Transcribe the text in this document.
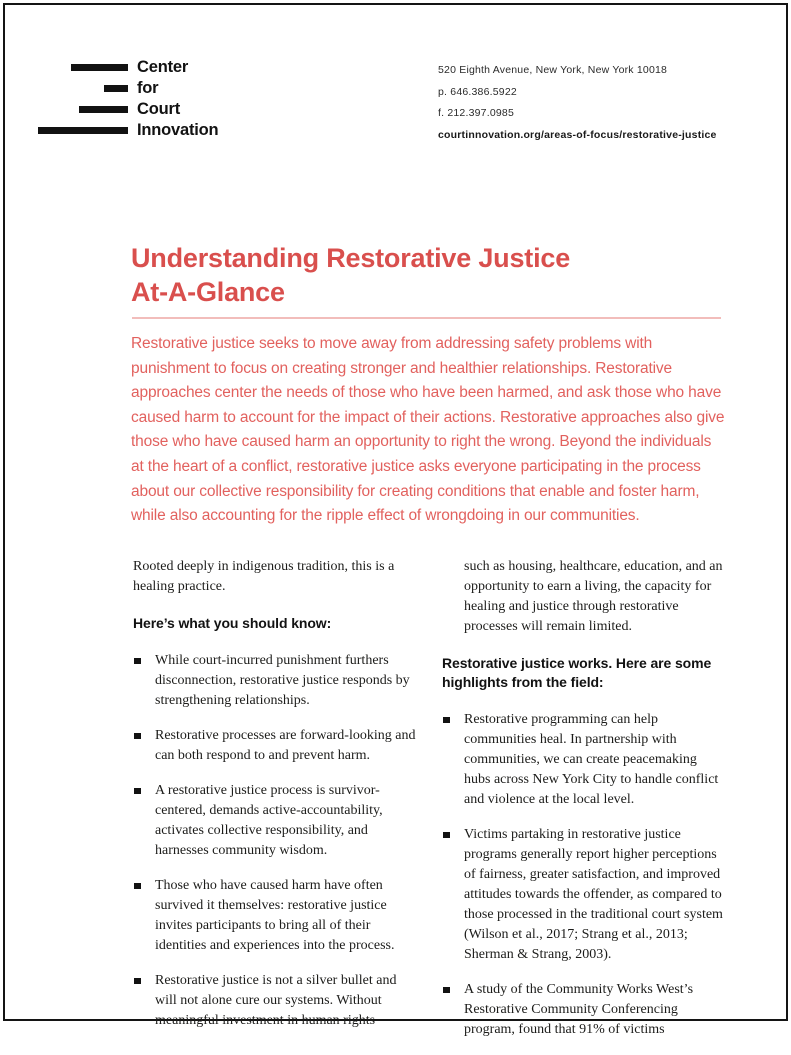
Center
for
Court
Innovation

520 Eighth Avenue, New York, New York 10018

p. 646.386.5922

f. 212.397.0985

courtinnovation.org/areas-of-focus/restorative-justice

Understanding Restorative Justice
At-A-Glance

Restorative justice seeks to move away from addressing safety problems with punishment to focus on creating stronger and healthier relationships. Restorative approaches center the needs of those who have been harmed, and ask those who have caused harm to account for the impact of their actions. Restorative approaches also give those who have caused harm an opportunity to right the wrong. Beyond the individuals at the heart of a conflict, restorative justice asks everyone participating in the process about our collective responsibility for creating conditions that enable and foster harm, while also accounting for the ripple effect of wrongdoing in our communities.

Rooted deeply in indigenous tradition, this is a healing practice.

Here’s what you should know:
While court-incurred punishment furthers disconnection, restorative justice responds by strengthening relationships.
Restorative processes are forward-looking and can both respond to and prevent harm.
A restorative justice process is survivor-centered, demands active-accountability, activates collective responsibility, and harnesses community wisdom.
Those who have caused harm have often survived it themselves: restorative justice invites participants to bring all of their identities and experiences into the process.
Restorative justice is not a silver bullet and will not alone cure our systems. Without meaningful investment in human rights

such as housing, healthcare, education, and an opportunity to earn a living, the capacity for healing and justice through restorative processes will remain limited.

Restorative justice works. Here are some highlights from the field:
Restorative programming can help communities heal. In partnership with communities, we can create peacemaking hubs across New York City to handle conflict and violence at the local level.
Victims partaking in restorative justice programs generally report higher perceptions of fairness, greater satisfaction, and improved attitudes towards the offender, as compared to those processed in the traditional court system (Wilson et al., 2017; Strang et al., 2013; Sherman & Strang, 2003).
A study of the Community Works West’s Restorative Community Conferencing program, found that 91% of victims
